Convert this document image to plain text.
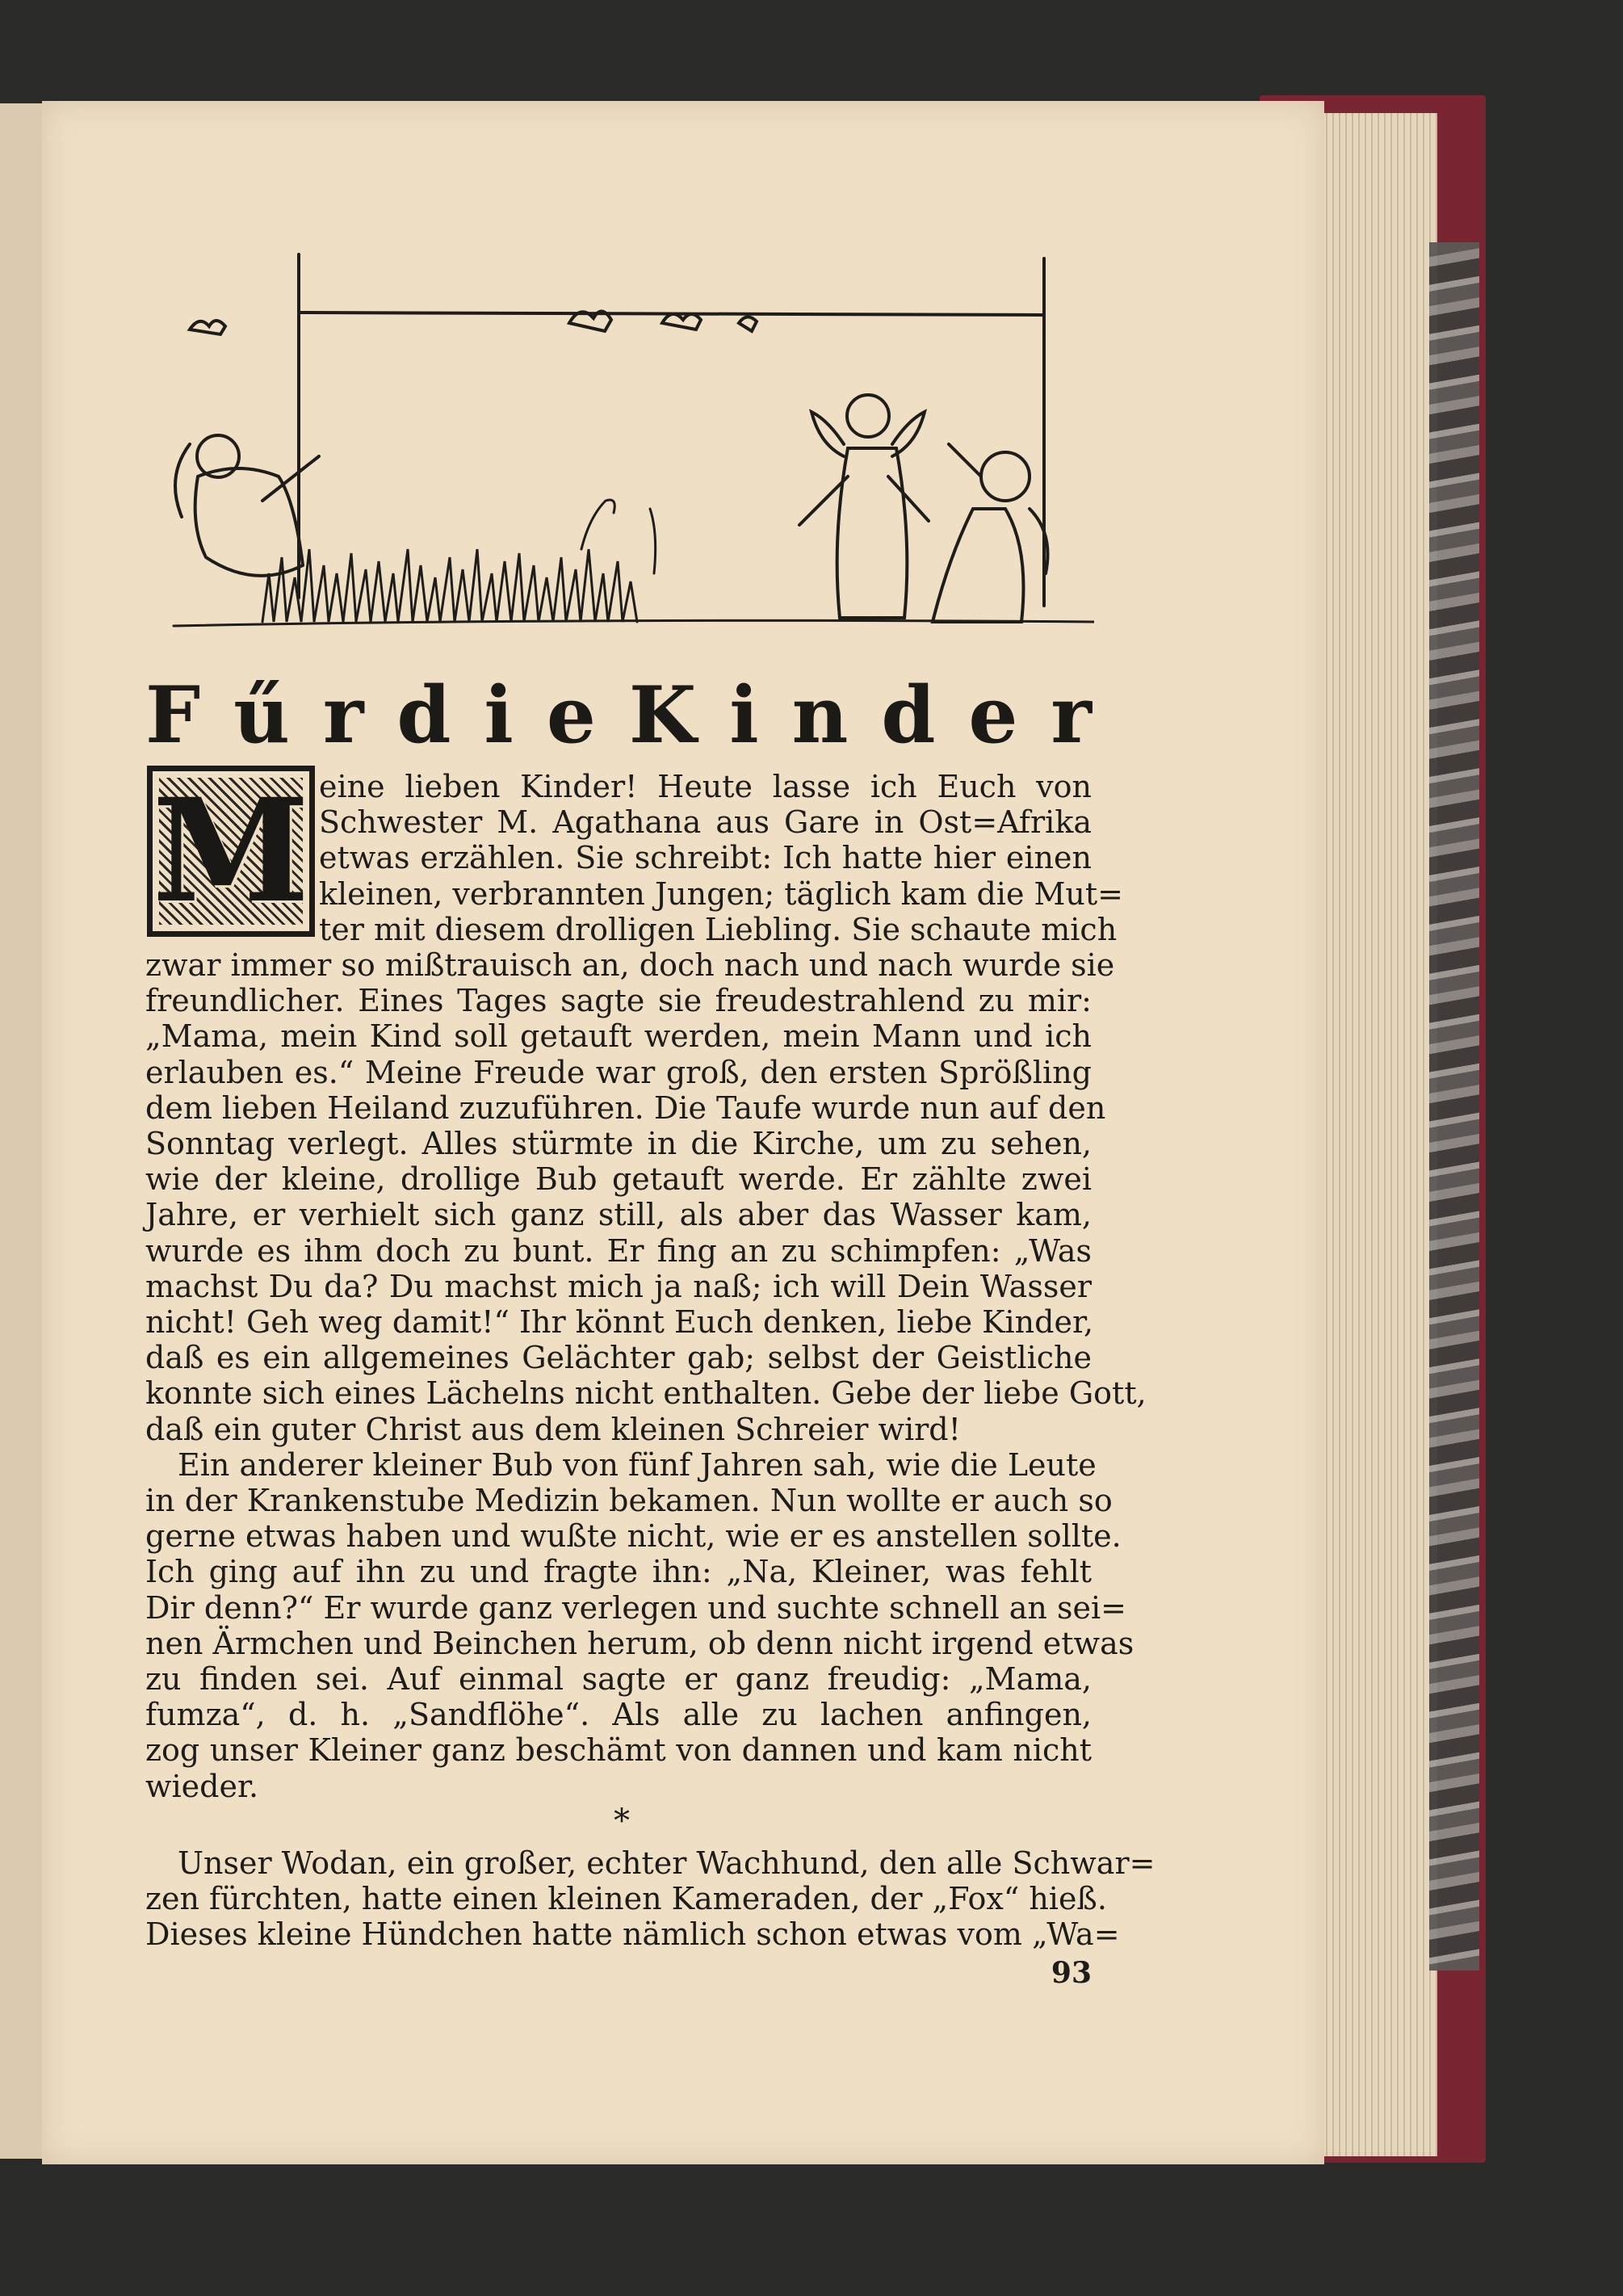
F ű r d i e K i n d e r
M eine lieben Kinder! Heute lasse ich Euch von
Schwester M. Agathana aus Gare in Ost=Afrika
etwas erzählen. Sie schreibt: Ich hatte hier einen
kleinen, verbrannten Jungen; täglich kam die Mut=
ter mit diesem drolligen Liebling. Sie schaute mich
zwar immer so mißtrauisch an, doch nach und nach wurde sie
freundlicher. Eines Tages sagte sie freudestrahlend zu mir:
„Mama, mein Kind soll getauft werden, mein Mann und ich
erlauben es.“ Meine Freude war groß, den ersten Sprößling
dem lieben Heiland zuzuführen. Die Taufe wurde nun auf den
Sonntag verlegt. Alles stürmte in die Kirche, um zu sehen,
wie der kleine, drollige Bub getauft werde. Er zählte zwei
Jahre, er verhielt sich ganz still, als aber das Wasser kam,
wurde es ihm doch zu bunt. Er fing an zu schimpfen: „Was
machst Du da? Du machst mich ja naß; ich will Dein Wasser
nicht! Geh weg damit!“ Ihr könnt Euch denken, liebe Kinder,
daß es ein allgemeines Gelächter gab; selbst der Geistliche
konnte sich eines Lächelns nicht enthalten. Gebe der liebe Gott,
daß ein guter Christ aus dem kleinen Schreier wird!
Ein anderer kleiner Bub von fünf Jahren sah, wie die Leute
in der Krankenstube Medizin bekamen. Nun wollte er auch so
gerne etwas haben und wußte nicht, wie er es anstellen sollte.
Ich ging auf ihn zu und fragte ihn: „Na, Kleiner, was fehlt
Dir denn?“ Er wurde ganz verlegen und suchte schnell an sei=
nen Ärmchen und Beinchen herum, ob denn nicht irgend etwas
zu finden sei. Auf einmal sagte er ganz freudig: „Mama,
fumza“, d. h. „Sandflöhe“. Als alle zu lachen anfingen,
zog unser Kleiner ganz beschämt von dannen und kam nicht
wieder.
*
Unser Wodan, ein großer, echter Wachhund, den alle Schwar=
zen fürchten, hatte einen kleinen Kameraden, der „Fox“ hieß.
Dieses kleine Hündchen hatte nämlich schon etwas vom „Wa=
93
